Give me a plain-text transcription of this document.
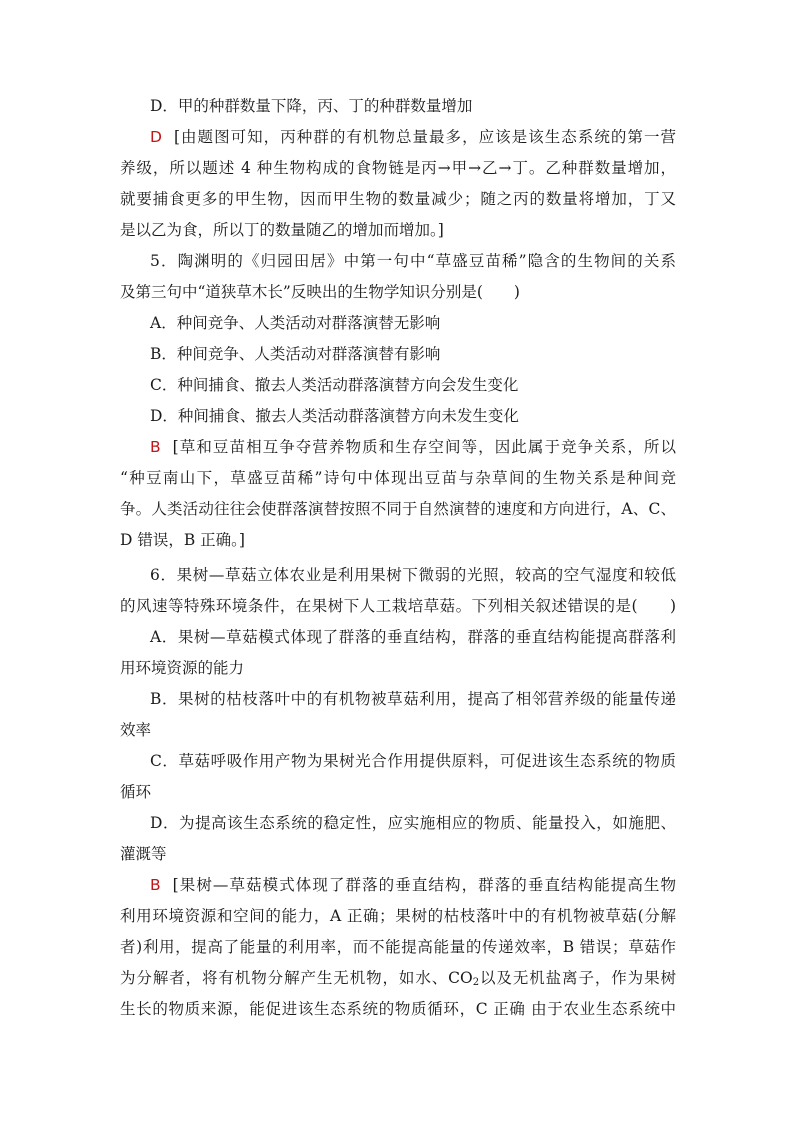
D．甲的种群数量下降，丙、丁的种群数量增加
D [由题图可知，丙种群的有机物总量最多，应该是该生态系统的第一营
养级，所以题述 4 种生物构成的食物链是丙→甲→乙→丁。乙种群数量增加，
就要捕食更多的甲生物，因而甲生物的数量减少；随之丙的数量将增加，丁又
是以乙为食，所以丁的数量随乙的增加而增加。]
5．陶渊明的《归园田居》中第一句中“草盛豆苗稀”隐含的生物间的关系
及第三句中“道狭草木长”反映出的生物学知识分别是(　　)
A．种间竞争、人类活动对群落演替无影响
B．种间竞争、人类活动对群落演替有影响
C．种间捕食、撤去人类活动群落演替方向会发生变化
D．种间捕食、撤去人类活动群落演替方向未发生变化
B [草和豆苗相互争夺营养物质和生存空间等，因此属于竞争关系，所以
“种豆南山下，草盛豆苗稀”诗句中体现出豆苗与杂草间的生物关系是种间竞
争。人类活动往往会使群落演替按照不同于自然演替的速度和方向进行，A、C、
D 错误，B 正确。]
6．果树—草菇立体农业是利用果树下微弱的光照，较高的空气湿度和较低
的风速等特殊环境条件，在果树下人工栽培草菇。下列相关叙述错误的是(　　)
A．果树—草菇模式体现了群落的垂直结构，群落的垂直结构能提高群落利
用环境资源的能力
B．果树的枯枝落叶中的有机物被草菇利用，提高了相邻营养级的能量传递
效率
C．草菇呼吸作用产物为果树光合作用提供原料，可促进该生态系统的物质
循环
D．为提高该生态系统的稳定性，应实施相应的物质、能量投入，如施肥、
灌溉等
B [果树—草菇模式体现了群落的垂直结构，群落的垂直结构能提高生物
利用环境资源和空间的能力，A 正确；果树的枯枝落叶中的有机物被草菇(分解
者)利用，提高了能量的利用率，而不能提高能量的传递效率，B 错误；草菇作
为分解者，将有机物分解产生无机物，如水、$CO_2$以及无机盐离子，作为果树
生长的物质来源，能促进该生态系统的物质循环，C 正确 由于农业生态系统中
